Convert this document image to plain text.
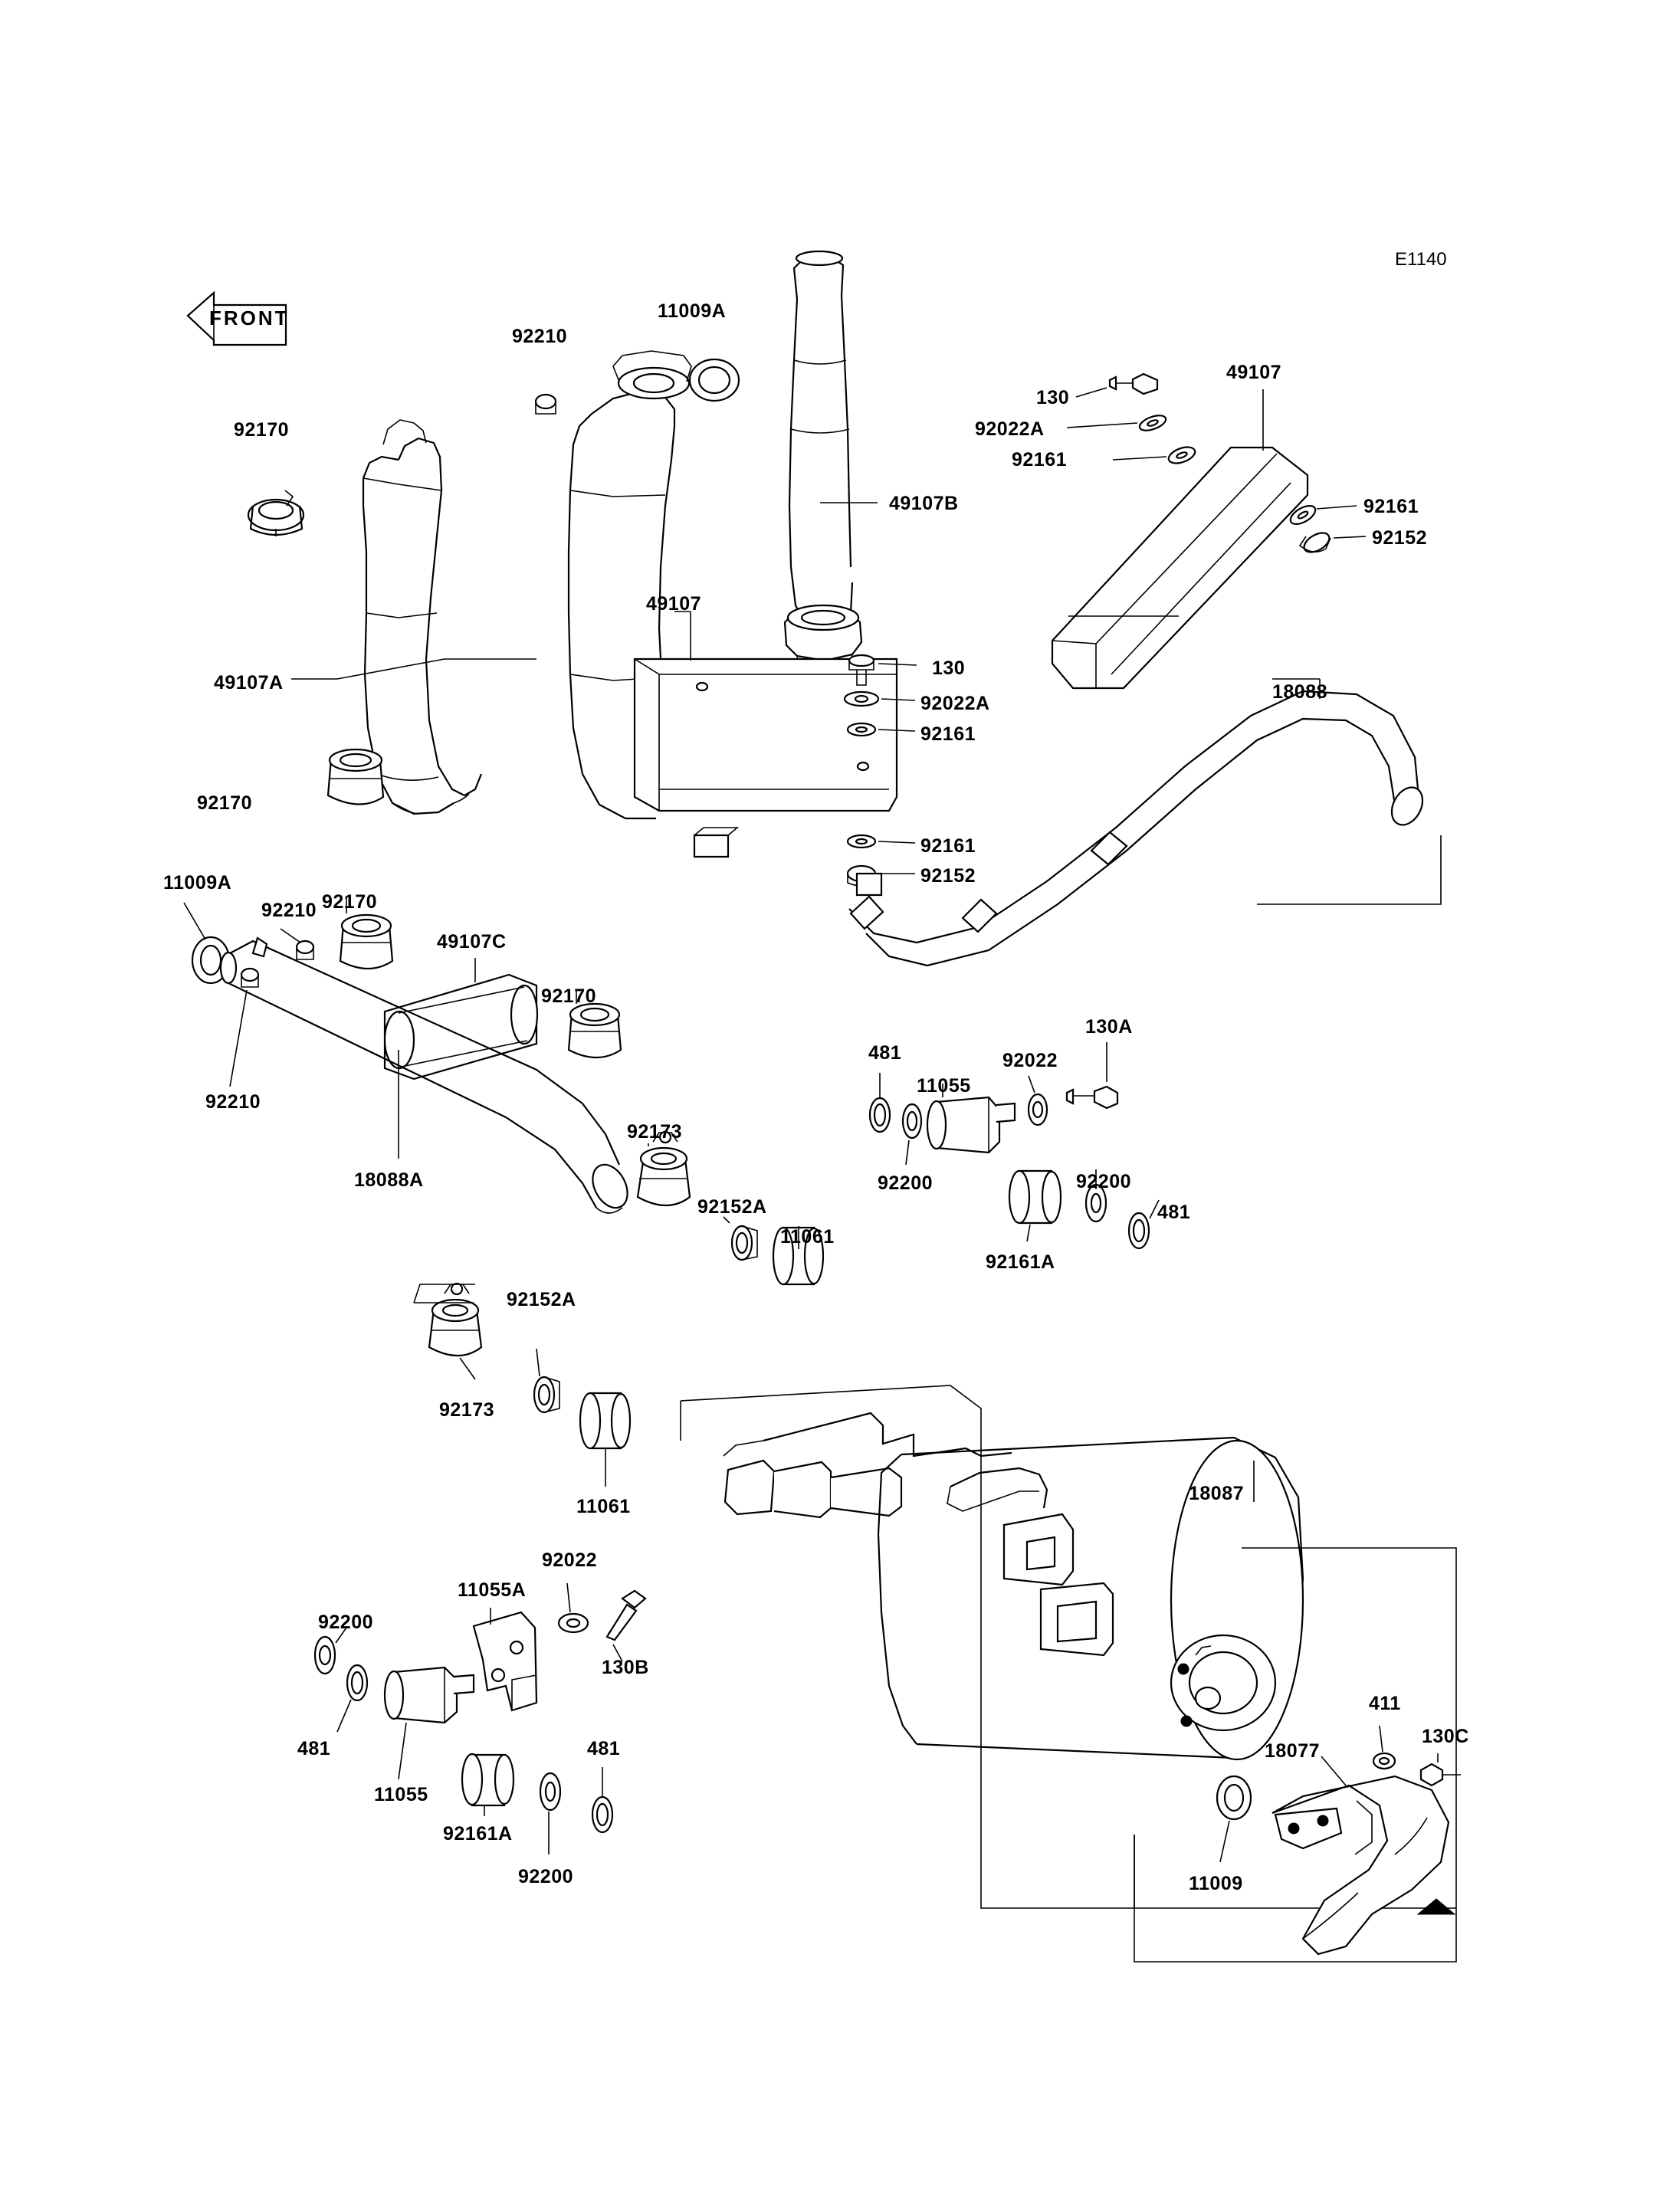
E1140
FRONT
92170
92210
11009A
49107B
49107A
92170
49107
130
92022A
92161
92161
92152
130
92022A
92161
49107
92161
92152
18088
11009A
92170
92210
49107C
92170
92210
18088A
92173
92152A
11061
481
11055
92022
130A
92200	92200
481
92161A
92152A
92173
11061
18087
92022
11055A
92200
130B
481
11055
481
92161A
92200
411
130C
18077
11009
